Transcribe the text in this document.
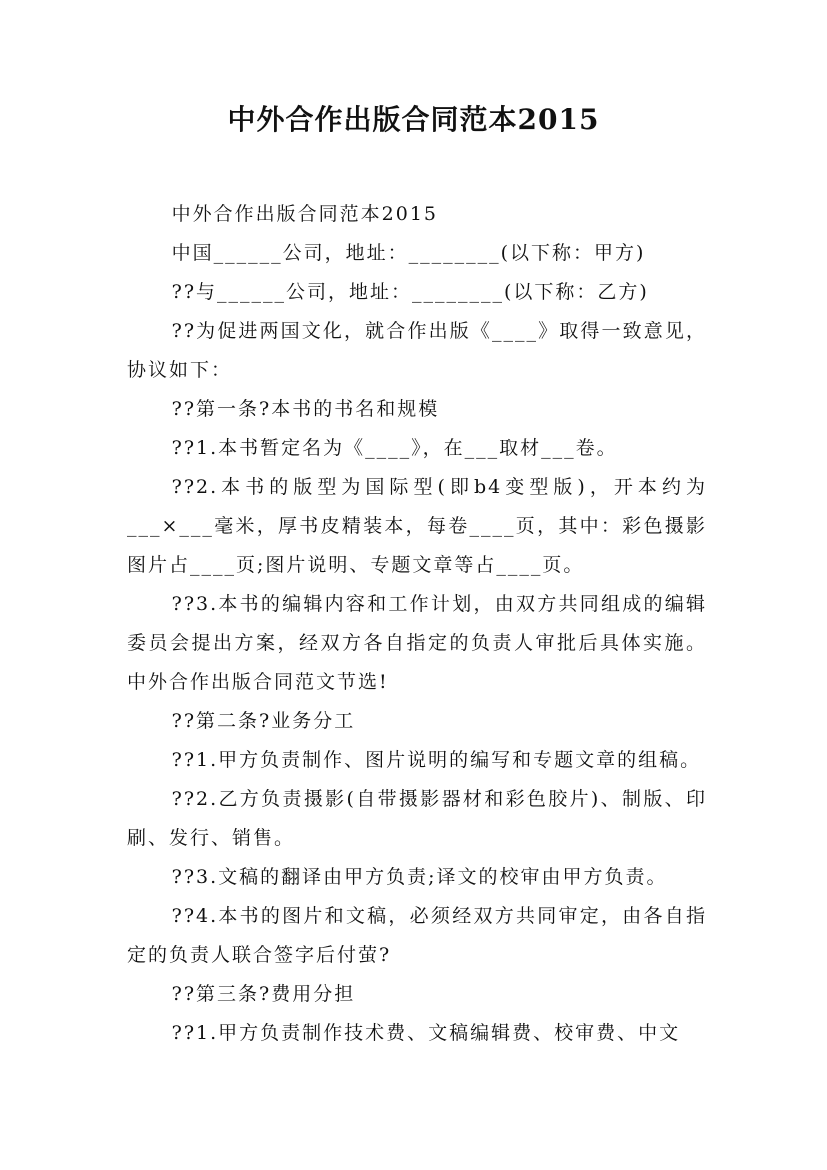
中外合作出版合同范本2015

中外合作出版合同范本2015

中国______公司，地址：________(以下称：甲方)

??与______公司，地址：________(以下称：乙方)

??为促进两国文化，就合作出版《____》取得一致意见，协议如下：

??第一条?本书的书名和规模

??1.本书暂定名为《____》，在___取材___卷。

??2.本书的版型为国际型(即b4变型版)，开本约为___×___毫米，厚书皮精装本，每卷____页，其中：彩色摄影图片占____页;图片说明、专题文章等占____页。

??3.本书的编辑内容和工作计划，由双方共同组成的编辑委员会提出方案，经双方各自指定的负责人审批后具体实施。中外合作出版合同范文节选!

??第二条?业务分工

??1.甲方负责制作、图片说明的编写和专题文章的组稿。

??2.乙方负责摄影(自带摄影器材和彩色胶片)、制版、印刷、发行、销售。

??3.文稿的翻译由甲方负责;译文的校审由甲方负责。

??4.本书的图片和文稿，必须经双方共同审定，由各自指定的负责人联合签字后付萤?

??第三条?费用分担

??1.甲方负责制作技术费、文稿编辑费、校审费、中文
